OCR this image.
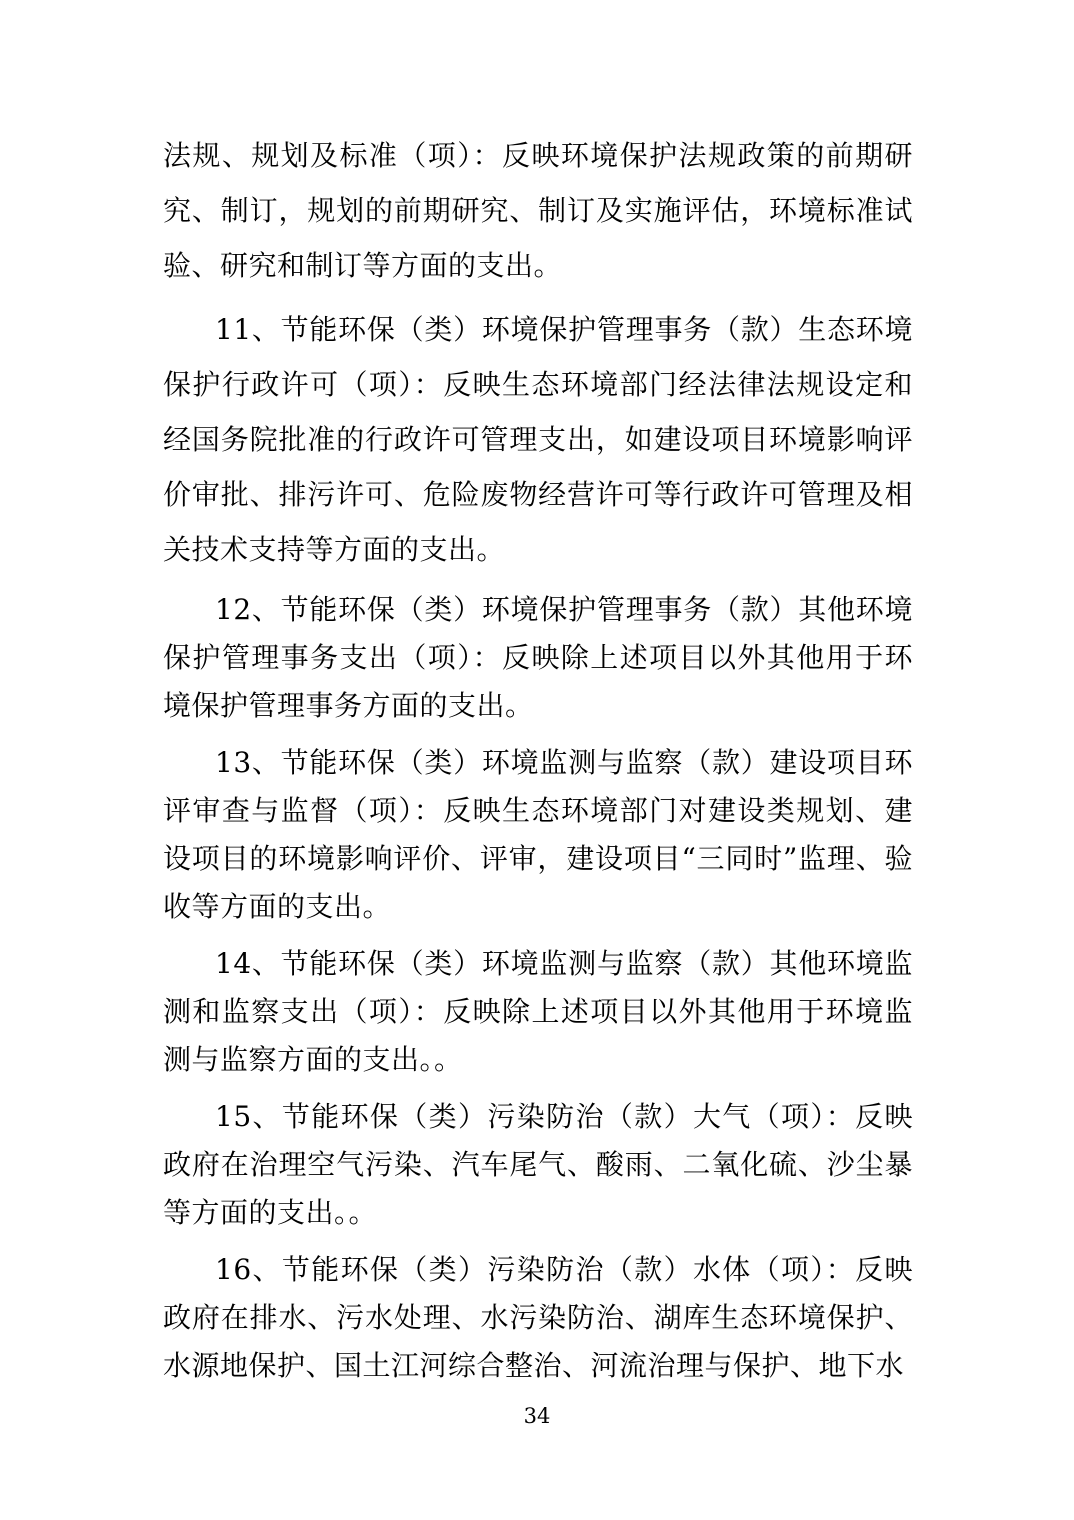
法规、规划及标准（项）：反映环境保护法规政策的前期研究、制订，规划的前期研究、制订及实施评估，环境标准试验、研究和制订等方面的支出。

11、节能环保（类）环境保护管理事务（款）生态环境保护行政许可（项）：反映生态环境部门经法律法规设定和经国务院批准的行政许可管理支出，如建设项目环境影响评价审批、排污许可、危险废物经营许可等行政许可管理及相关技术支持等方面的支出。

12、节能环保（类）环境保护管理事务（款）其他环境保护管理事务支出（项）：反映除上述项目以外其他用于环境保护管理事务方面的支出。

13、节能环保（类）环境监测与监察（款）建设项目环评审查与监督（项）：反映生态环境部门对建设类规划、建设项目的环境影响评价、评审，建设项目“三同时”监理、验收等方面的支出。

14、节能环保（类）环境监测与监察（款）其他环境监测和监察支出（项）：反映除上述项目以外其他用于环境监测与监察方面的支出。。

15、节能环保（类）污染防治（款）大气（项）：反映政府在治理空气污染、汽车尾气、酸雨、二氧化硫、沙尘暴等方面的支出。。

16、节能环保（类）污染防治（款）水体（项）：反映政府在排水、污水处理、水污染防治、湖库生态环境保护、水源地保护、国土江河综合整治、河流治理与保护、地下水

34
